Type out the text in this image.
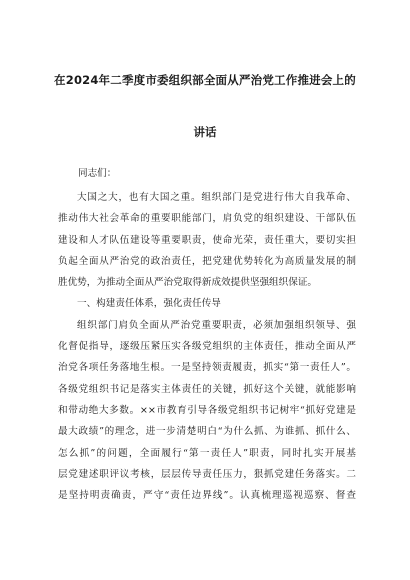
在2024年二季度市委组织部全面从严治党工作推进会上的
讲话
同志们：
大国之大，也有大国之重。组织部门是党进行伟大自我革命、
推动伟大社会革命的重要职能部门，肩负党的组织建设、干部队伍
建设和人才队伍建设等重要职责，使命光荣，责任重大，要切实担
负起全面从严治党的政治责任，把党建优势转化为高质量发展的制
胜优势，为推动全面从严治党取得新成效提供坚强组织保证。
一、构建责任体系，强化责任传导
组织部门肩负全面从严治党重要职责，必须加强组织领导、强
化督促指导，逐级压紧压实各级党组织的主体责任，推动全面从严
治党各项任务落地生根。一是坚持领责履责，抓实“第一责任人”。
各级党组织书记是落实主体责任的关键，抓好这个关键，就能影响
和带动绝大多数。××市教育引导各级党组织书记树牢“抓好党建是
最大政绩”的理念，进一步清楚明白“为什么抓、为谁抓、抓什么、
怎么抓”的问题，全面履行“第一责任人”职责，同时扎实开展基
层党建述职评议考核，层层传导责任压力，狠抓党建任务落实。二
是坚持明责确责，严守“责任边界线”。认真梳理巡视巡察、督查
